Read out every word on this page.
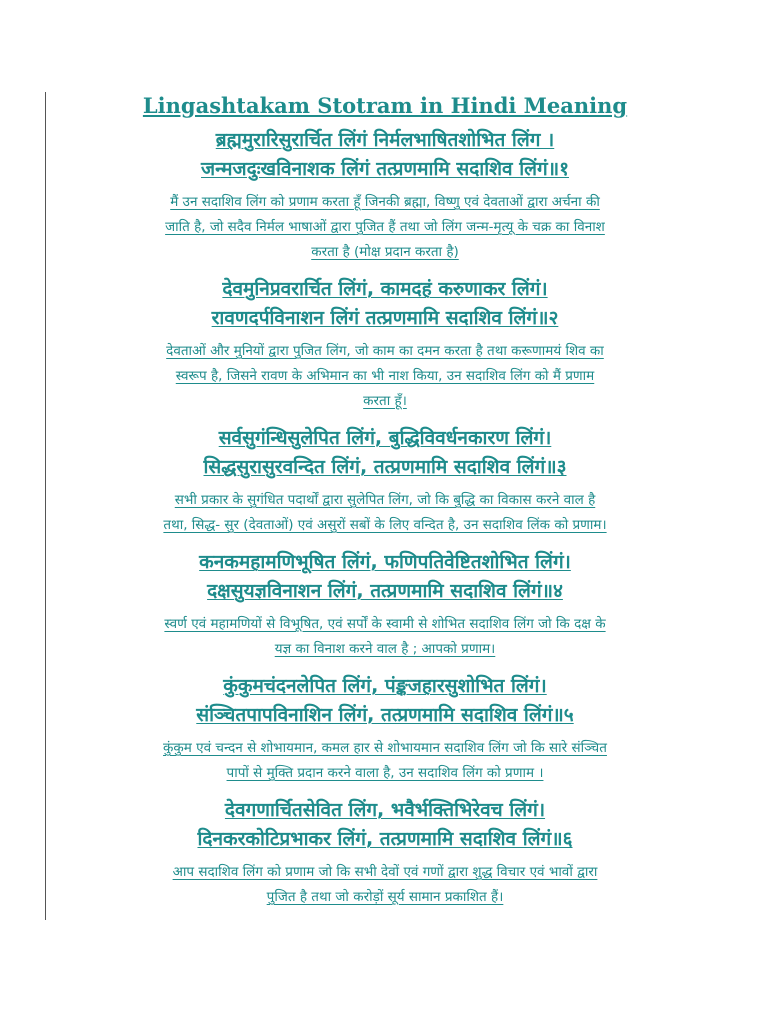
Lingashtakam Stotram in Hindi Meaning

ब्रह्ममुरारिसुरार्चित लिंगं निर्मलभाषितशोभित लिंग ।
जन्मजदुःखविनाशक लिंगं तत्प्रणमामि सदाशिव लिंगं॥१

मैं उन सदाशिव लिंग को प्रणाम करता हूँ जिनकी ब्रह्मा, विष्णु एवं देवताओं द्वारा अर्चना की
जाति है, जो सदैव निर्मल भाषाओं द्वारा पुजित हैं तथा जो लिंग जन्म-मृत्यू के चक्र का विनाश
करता है (मोक्ष प्रदान करता है)

देवमुनिप्रवरार्चित लिंगं, कामदहं करुणाकर लिंगं।
रावणदर्पविनाशन लिंगं तत्प्रणमामि सदाशिव लिंगं॥२

देवताओं और मुनियों द्वारा पुजित लिंग, जो काम का दमन करता है तथा करूणामयं शिव का
स्वरूप है, जिसने रावण के अभिमान का भी नाश किया, उन सदाशिव लिंग को मैं प्रणाम
करता हूँ।

सर्वसुगंन्धिसुलेपित लिंगं, बुद्धिविवर्धनकारण लिंगं।
सिद्धसुरासुरवन्दित लिंगं, तत्प्रणमामि सदाशिव लिंगं॥३

सभी प्रकार के सुगंधित पदार्थों द्वारा सुलेपित लिंग, जो कि बुद्धि का विकास करने वाल है
तथा, सिद्ध- सुर (देवताओं) एवं असुरों सबों के लिए वन्दित है, उन सदाशिव लिंक को प्रणाम।

कनकमहामणिभूषित लिंगं, फणिपतिवेष्टितशोभित लिंगं।
दक्षसुयज्ञविनाशन लिंगं, तत्प्रणमामि सदाशिव लिंगं॥४

स्वर्ण एवं महामणियों से विभूषित, एवं सर्पों के स्वामी से शोभित सदाशिव लिंग जो कि दक्ष के
यज्ञ का विनाश करने वाल है ; आपको प्रणाम।

कुंकुमचंदनलेपित लिंगं, पंङ्कजहारसुशोभित लिंगं।
संञ्चितपापविनाशिन लिंगं, तत्प्रणमामि सदाशिव लिंगं॥५

कुंकुम एवं चन्दन से शोभायमान, कमल हार से शोभायमान सदाशिव लिंग जो कि सारे संञ्चित
पापों से मुक्ति प्रदान करने वाला है, उन सदाशिव लिंग को प्रणाम ।

देवगणार्चितसेवित लिंग, भवैर्भक्तिभिरेवच लिंगं।
दिनकरकोटिप्रभाकर लिंगं, तत्प्रणमामि सदाशिव लिंगं॥६

आप सदाशिव लिंग को प्रणाम जो कि सभी देवों एवं गणों द्वारा शुद्ध विचार एवं भावों द्वारा
पुजित है तथा जो करोड़ों सूर्य सामान प्रकाशित हैं।
